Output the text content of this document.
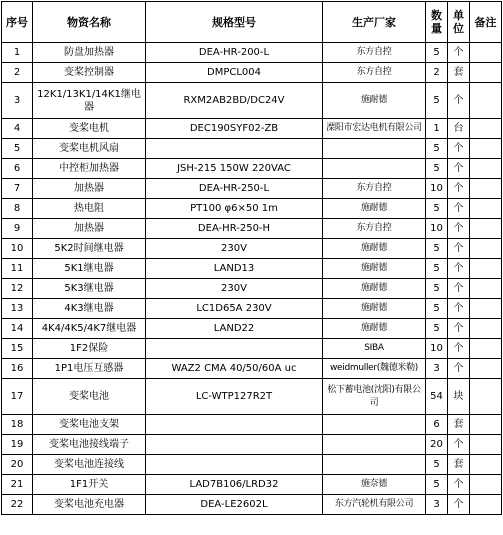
序号	物资名称	规格型号	生产厂家	数量	单位	备注
1	防盘加热器	DEA-HR-200-L	东方自控	5	个	
2	变桨控制器	DMPCL004	东方自控	2	套	
3	12K1/13K1/14K1继电器	RXM2AB2BD/DC24V	施耐德	5	个	
4	变桨电机	DEC190SYF02-ZB	溧阳市宏达电机有限公司	1	台	
5	变桨电机风扇			5	个	
6	中控柜加热器	JSH-215 150W 220VAC		5	个	
7	加热器	DEA-HR-250-L	东方自控	10	个	
8	热电阻	PT100 φ6×50 1m	施耐德	5	个	
9	加热器	DEA-HR-250-H	东方自控	10	个	
10	5K2时间继电器	230V	施耐德	5	个	
11	5K1继电器	LAND13	施耐德	5	个	
12	5K3继电器	230V	施耐德	5	个	
13	4K3继电器	LC1D65A 230V	施耐德	5	个	
14	4K4/4K5/4K7继电器	LAND22	施耐德	5	个	
15	1F2保险		SIBA	10	个	
16	1P1电压互感器	WAZ2 CMA 40/50/60A uc	weidmuller(魏德米勒)	3	个	
17	变桨电池	LC-WTP127R2T	松下蓄电池(沈阳)有限公司	54	块	
18	变桨电池支架			6	套	
19	变桨电池接线端子			20	个	
20	变桨电池连接线			5	套	
21	1F1开关	LAD7B106/LRD32	施奈德	5	个	
22	变桨电池充电器	DEA-LE2602L	东方汽轮机有限公司	3	个	
